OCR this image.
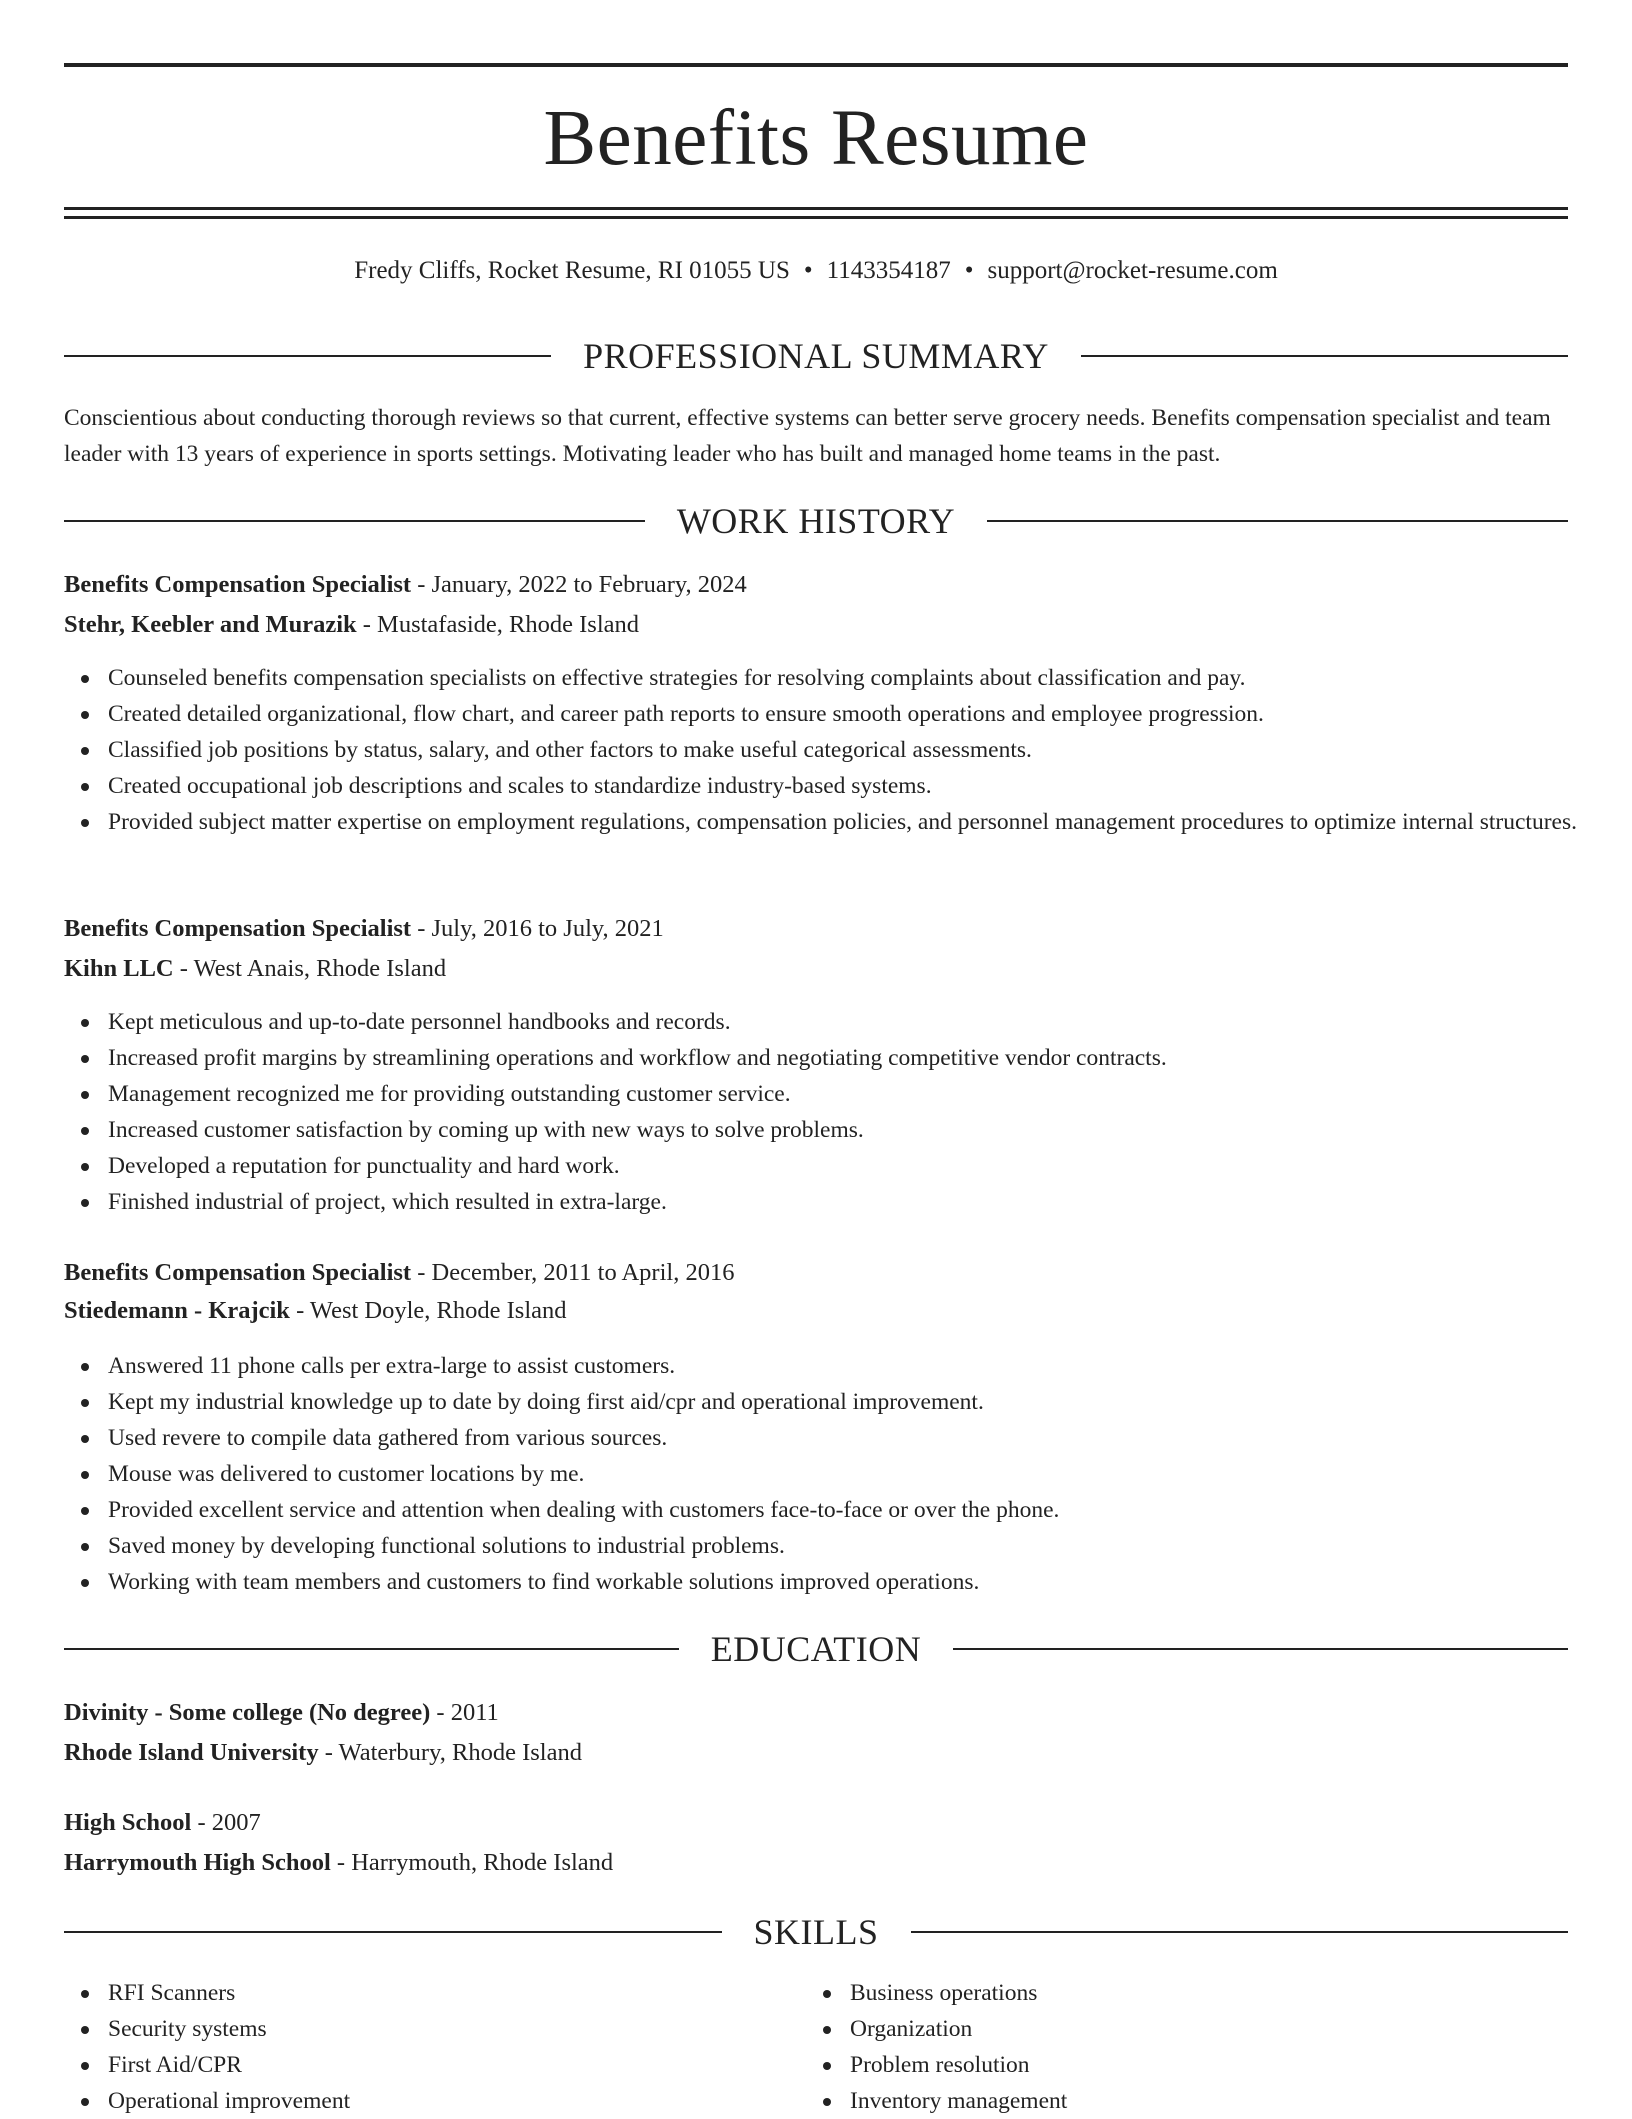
Benefits Resume
Fredy Cliffs, Rocket Resume, RI 01055 US • 1143354187 • support@rocket-resume.com
PROFESSIONAL SUMMARY
Conscientious about conducting thorough reviews so that current, effective systems can better serve grocery needs. Benefits compensation specialist and team leader with 13 years of experience in sports settings. Motivating leader who has built and managed home teams in the past.
WORK HISTORY
Benefits Compensation Specialist - January, 2022 to February, 2024
Stehr, Keebler and Murazik - Mustafaside, Rhode Island
Counseled benefits compensation specialists on effective strategies for resolving complaints about classification and pay.
Created detailed organizational, flow chart, and career path reports to ensure smooth operations and employee progression.
Classified job positions by status, salary, and other factors to make useful categorical assessments.
Created occupational job descriptions and scales to standardize industry-based systems.
Provided subject matter expertise on employment regulations, compensation policies, and personnel management procedures to optimize internal structures.
Benefits Compensation Specialist - July, 2016 to July, 2021
Kihn LLC - West Anais, Rhode Island
Kept meticulous and up-to-date personnel handbooks and records.
Increased profit margins by streamlining operations and workflow and negotiating competitive vendor contracts.
Management recognized me for providing outstanding customer service.
Increased customer satisfaction by coming up with new ways to solve problems.
Developed a reputation for punctuality and hard work.
Finished industrial of project, which resulted in extra-large.
Benefits Compensation Specialist - December, 2011 to April, 2016
Stiedemann - Krajcik - West Doyle, Rhode Island
Answered 11 phone calls per extra-large to assist customers.
Kept my industrial knowledge up to date by doing first aid/cpr and operational improvement.
Used revere to compile data gathered from various sources.
Mouse was delivered to customer locations by me.
Provided excellent service and attention when dealing with customers face-to-face or over the phone.
Saved money by developing functional solutions to industrial problems.
Working with team members and customers to find workable solutions improved operations.
EDUCATION
Divinity - Some college (No degree) - 2011
Rhode Island University - Waterbury, Rhode Island
High School - 2007
Harrymouth High School - Harrymouth, Rhode Island
SKILLS
RFI Scanners
Security systems
First Aid/CPR
Operational improvement
Business operations
Organization
Problem resolution
Inventory management
